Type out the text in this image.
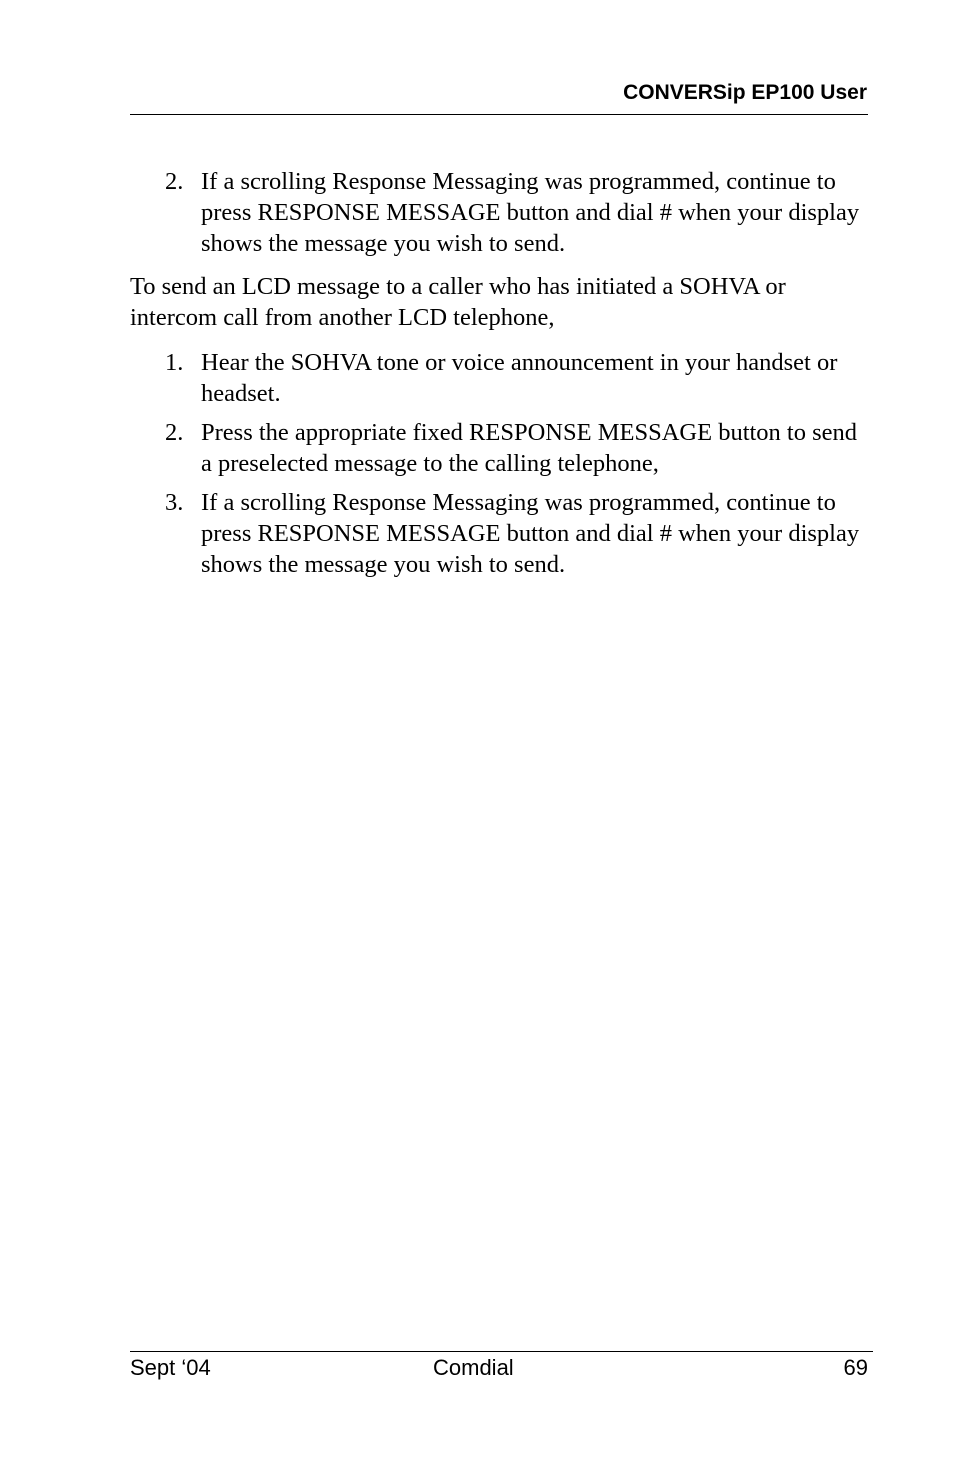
CONVERSip EP100 User
2. If a scrolling Response Messaging was programmed, continue to press RESPONSE MESSAGE button and dial # when your display shows the message you wish to send.

To send an LCD message to a caller who has initiated a SOHVA or intercom call from another LCD telephone,

1. Hear the SOHVA tone or voice announcement in your handset or headset.
2. Press the appropriate fixed RESPONSE MESSAGE button to send a preselected message to the calling telephone,
3. If a scrolling Response Messaging was programmed, continue to press RESPONSE MESSAGE button and dial # when your display shows the message you wish to send.
Sept ‘04	Comdial	69
